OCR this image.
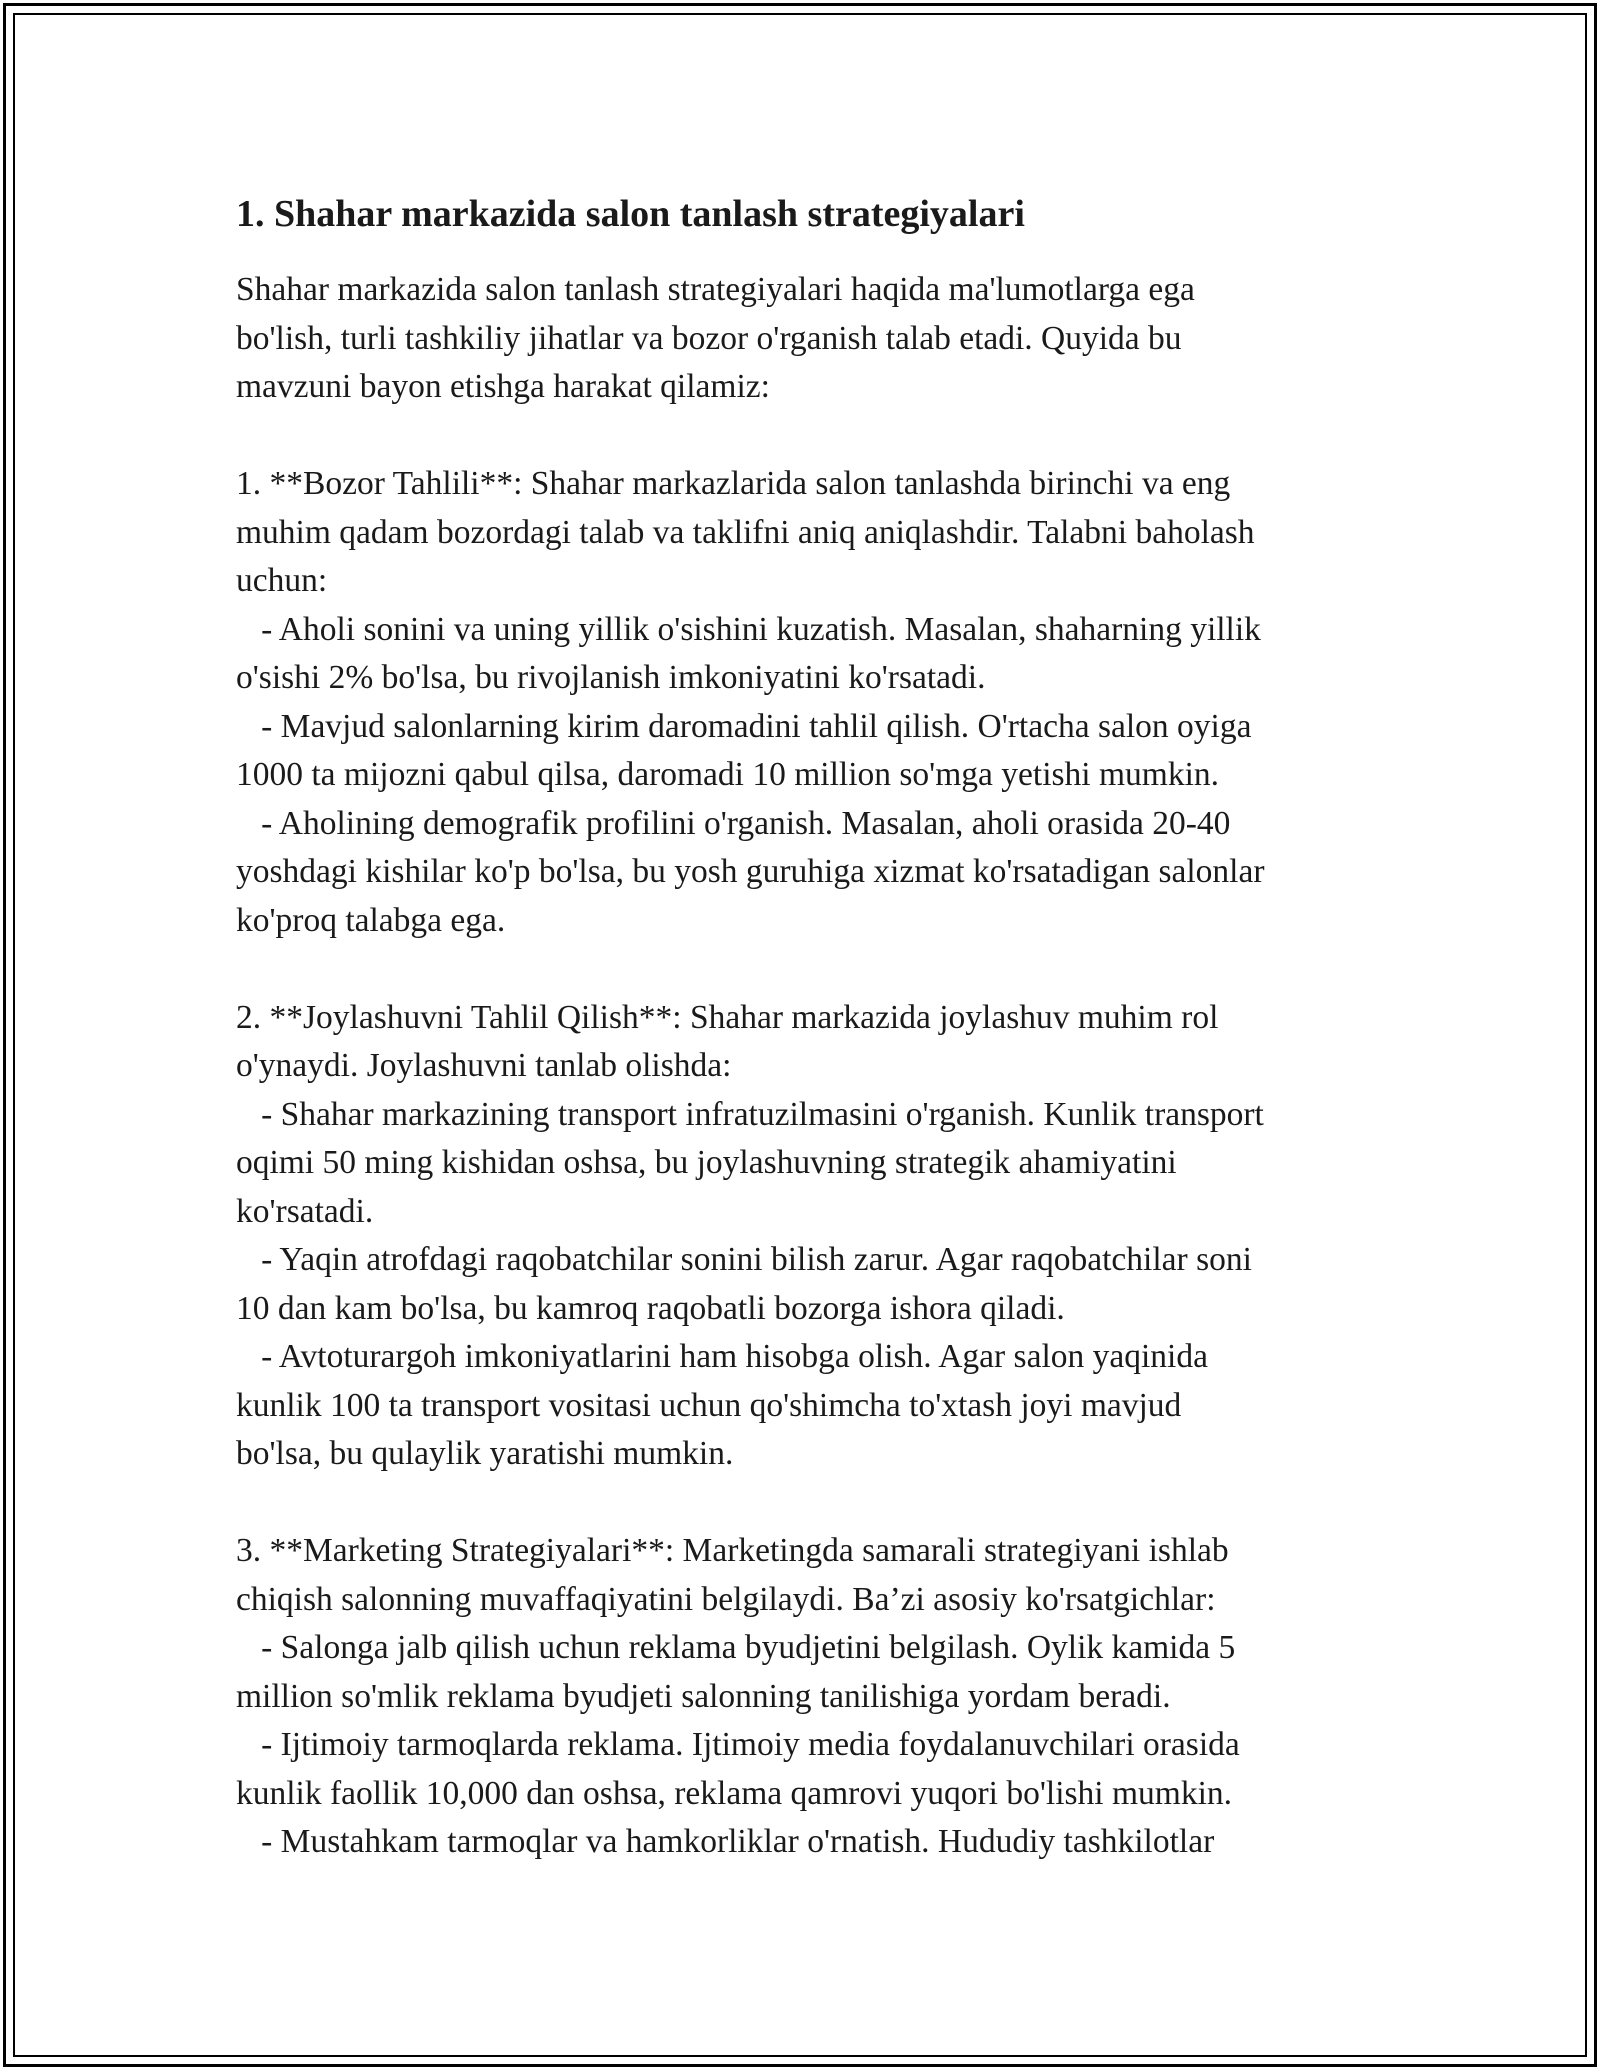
1. Shahar markazida salon tanlash strategiyalari
Shahar markazida salon tanlash strategiyalari haqida ma'lumotlarga ega
bo'lish, turli tashkiliy jihatlar va bozor o'rganish talab etadi. Quyida bu
mavzuni bayon etishga harakat qilamiz:
1. **Bozor Tahlili**: Shahar markazlarida salon tanlashda birinchi va eng
muhim qadam bozordagi talab va taklifni aniq aniqlashdir. Talabni baholash
uchun:
- Aholi sonini va uning yillik o'sishini kuzatish. Masalan, shaharning yillik
o'sishi 2% bo'lsa, bu rivojlanish imkoniyatini ko'rsatadi.
- Mavjud salonlarning kirim daromadini tahlil qilish. O'rtacha salon oyiga
1000 ta mijozni qabul qilsa, daromadi 10 million so'mga yetishi mumkin.
- Aholining demografik profilini o'rganish. Masalan, aholi orasida 20-40
yoshdagi kishilar ko'p bo'lsa, bu yosh guruhiga xizmat ko'rsatadigan salonlar
ko'proq talabga ega.
2. **Joylashuvni Tahlil Qilish**: Shahar markazida joylashuv muhim rol
o'ynaydi. Joylashuvni tanlab olishda:
- Shahar markazining transport infratuzilmasini o'rganish. Kunlik transport
oqimi 50 ming kishidan oshsa, bu joylashuvning strategik ahamiyatini
ko'rsatadi.
- Yaqin atrofdagi raqobatchilar sonini bilish zarur. Agar raqobatchilar soni
10 dan kam bo'lsa, bu kamroq raqobatli bozorga ishora qiladi.
- Avtoturargoh imkoniyatlarini ham hisobga olish. Agar salon yaqinida
kunlik 100 ta transport vositasi uchun qo'shimcha to'xtash joyi mavjud
bo'lsa, bu qulaylik yaratishi mumkin.
3. **Marketing Strategiyalari**: Marketingda samarali strategiyani ishlab
chiqish salonning muvaffaqiyatini belgilaydi. Ba’zi asosiy ko'rsatgichlar:
- Salonga jalb qilish uchun reklama byudjetini belgilash. Oylik kamida 5
million so'mlik reklama byudjeti salonning tanilishiga yordam beradi.
- Ijtimoiy tarmoqlarda reklama. Ijtimoiy media foydalanuvchilari orasida
kunlik faollik 10,000 dan oshsa, reklama qamrovi yuqori bo'lishi mumkin.
- Mustahkam tarmoqlar va hamkorliklar o'rnatish. Hududiy tashkilotlar
